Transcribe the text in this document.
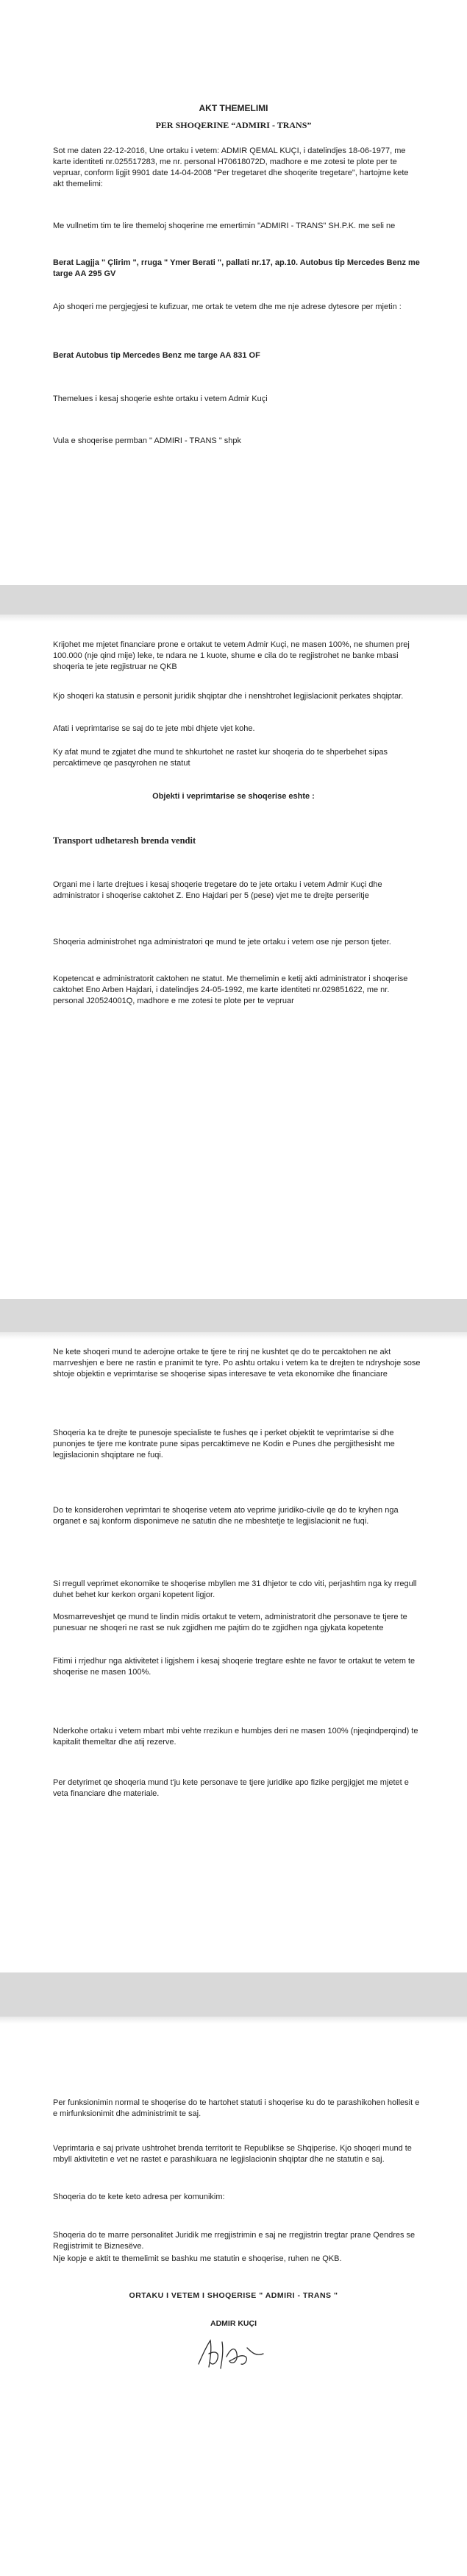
AKT THEMELIMI

PER SHOQERINE “ADMIRI - TRANS”

Sot me daten 22-12-2016, Une ortaku i vetem: ADMIR QEMAL KUÇI, i datelindjes 18-06-1977, me karte identiteti nr.025517283, me nr. personal H70618072D, madhore e me zotesi te plote per te vepruar, conform ligjit 9901 date 14-04-2008 "Per tregetaret dhe shoqerite tregetare", hartojme kete akt themelimi:

Me vullnetim tim te lire themeloj shoqerine me emertimin "ADMIRI - TRANS" SH.P.K. me seli ne

Berat Lagjja " Çlirim ", rruga " Ymer Berati ", pallati nr.17, ap.10. Autobus tip Mercedes Benz me targe AA 295 GV

Ajo shoqeri me pergjegjesi te kufizuar, me ortak te vetem dhe me nje adrese dytesore per mjetin :

Berat Autobus tip Mercedes Benz me targe AA 831 OF

Themelues i kesaj shoqerie eshte ortaku i vetem Admir Kuçi

Vula e shoqerise permban " ADMIRI - TRANS " shpk

Krijohet me mjetet financiare prone e ortakut te vetem Admir Kuçi, ne masen 100%, ne shumen prej 100.000 (nje qind mije) leke, te ndara ne 1 kuote, shume e cila do te regjistrohet ne banke mbasi shoqeria te jete regjistruar ne QKB

Kjo shoqeri ka statusin e personit juridik shqiptar dhe i nenshtrohet legjislacionit perkates shqiptar.

Afati i veprimtarise se saj do te jete mbi dhjete vjet kohe.

Ky afat mund te zgjatet dhe mund te shkurtohet ne rastet kur shoqeria do te shperbehet sipas percaktimeve qe pasqyrohen ne statut

Objekti i veprimtarise se shoqerise eshte :

Transport udhetaresh brenda vendit

Organi me i larte drejtues i kesaj shoqerie tregetare do te jete ortaku i vetem Admir Kuçi dhe administrator i shoqerise caktohet Z. Eno Hajdari per 5 (pese) vjet me te drejte perseritje

Shoqeria administrohet nga administratori qe mund te jete ortaku i vetem ose nje person tjeter.

Kopetencat e administratorit caktohen ne statut. Me themelimin e ketij akti administrator i shoqerise caktohet Eno Arben Hajdari, i datelindjes 24-05-1992, me karte identiteti nr.029851622, me nr. personal J20524001Q, madhore e me zotesi te plote per te vepruar

Ne kete shoqeri mund te aderojne ortake te tjere te rinj ne kushtet qe do te percaktohen ne akt marrveshjen e bere ne rastin e pranimit te tyre. Po ashtu ortaku i vetem ka te drejten te ndryshoje sose shtoje objektin e veprimtarise se shoqerise sipas interesave te veta ekonomike dhe financiare

Shoqeria ka te drejte te punesoje specialiste te fushes qe i perket objektit te veprimtarise si dhe punonjes te tjere me kontrate pune sipas percaktimeve ne Kodin e Punes dhe pergjithesisht me legjislacionin shqiptare ne fuqi.

Do te konsiderohen veprimtari te shoqerise vetem ato veprime juridiko-civile qe do te kryhen nga organet e saj konform disponimeve ne satutin dhe ne mbeshtetje te legjislacionit ne fuqi.

Si rregull veprimet ekonomike te shoqerise mbyllen me 31 dhjetor te cdo viti, perjashtim nga ky rregull duhet behet kur kerkon organi kopetent ligjor.

Mosmarreveshjet qe mund te lindin midis ortakut te vetem, administratorit dhe personave te tjere te punesuar ne shoqeri ne rast se nuk zgjidhen me pajtim do te zgjidhen nga gjykata kopetente

Fitimi i rrjedhur nga aktivitetet i ligjshem i kesaj shoqerie tregtare eshte ne favor te ortakut te vetem te shoqerise ne masen 100%.

Nderkohe ortaku i vetem mbart mbi vehte rrezikun e humbjes deri ne masen 100% (njeqindperqind) te kapitalit themeltar dhe atij rezerve.

Per detyrimet qe shoqeria mund t'ju kete personave te tjere juridike apo fizike pergjigjet me mjetet e veta financiare dhe materiale.

Per funksionimin normal te shoqerise do te hartohet statuti i shoqerise ku do te parashikohen hollesit e e mirfunksionimit dhe administrimit te saj.

Veprimtaria e saj private ushtrohet brenda territorit te Republikse se Shqiperise. Kjo shoqeri mund te mbyll aktivitetin e vet ne rastet e parashikuara ne legjislacionin shqiptar dhe ne statutin e saj.

Shoqeria do te kete keto adresa per komunikim:

Shoqeria do te marre personalitet Juridik me rregjistrimin e saj ne rregjistrin tregtar prane Qendres se Regjistrimit te Biznesëve.

Nje kopje e aktit te themelimit se bashku me statutin e shoqerise, ruhen ne QKB.

ORTAKU I VETEM I SHOQERISE " ADMIRI - TRANS "

ADMIR KUÇI
